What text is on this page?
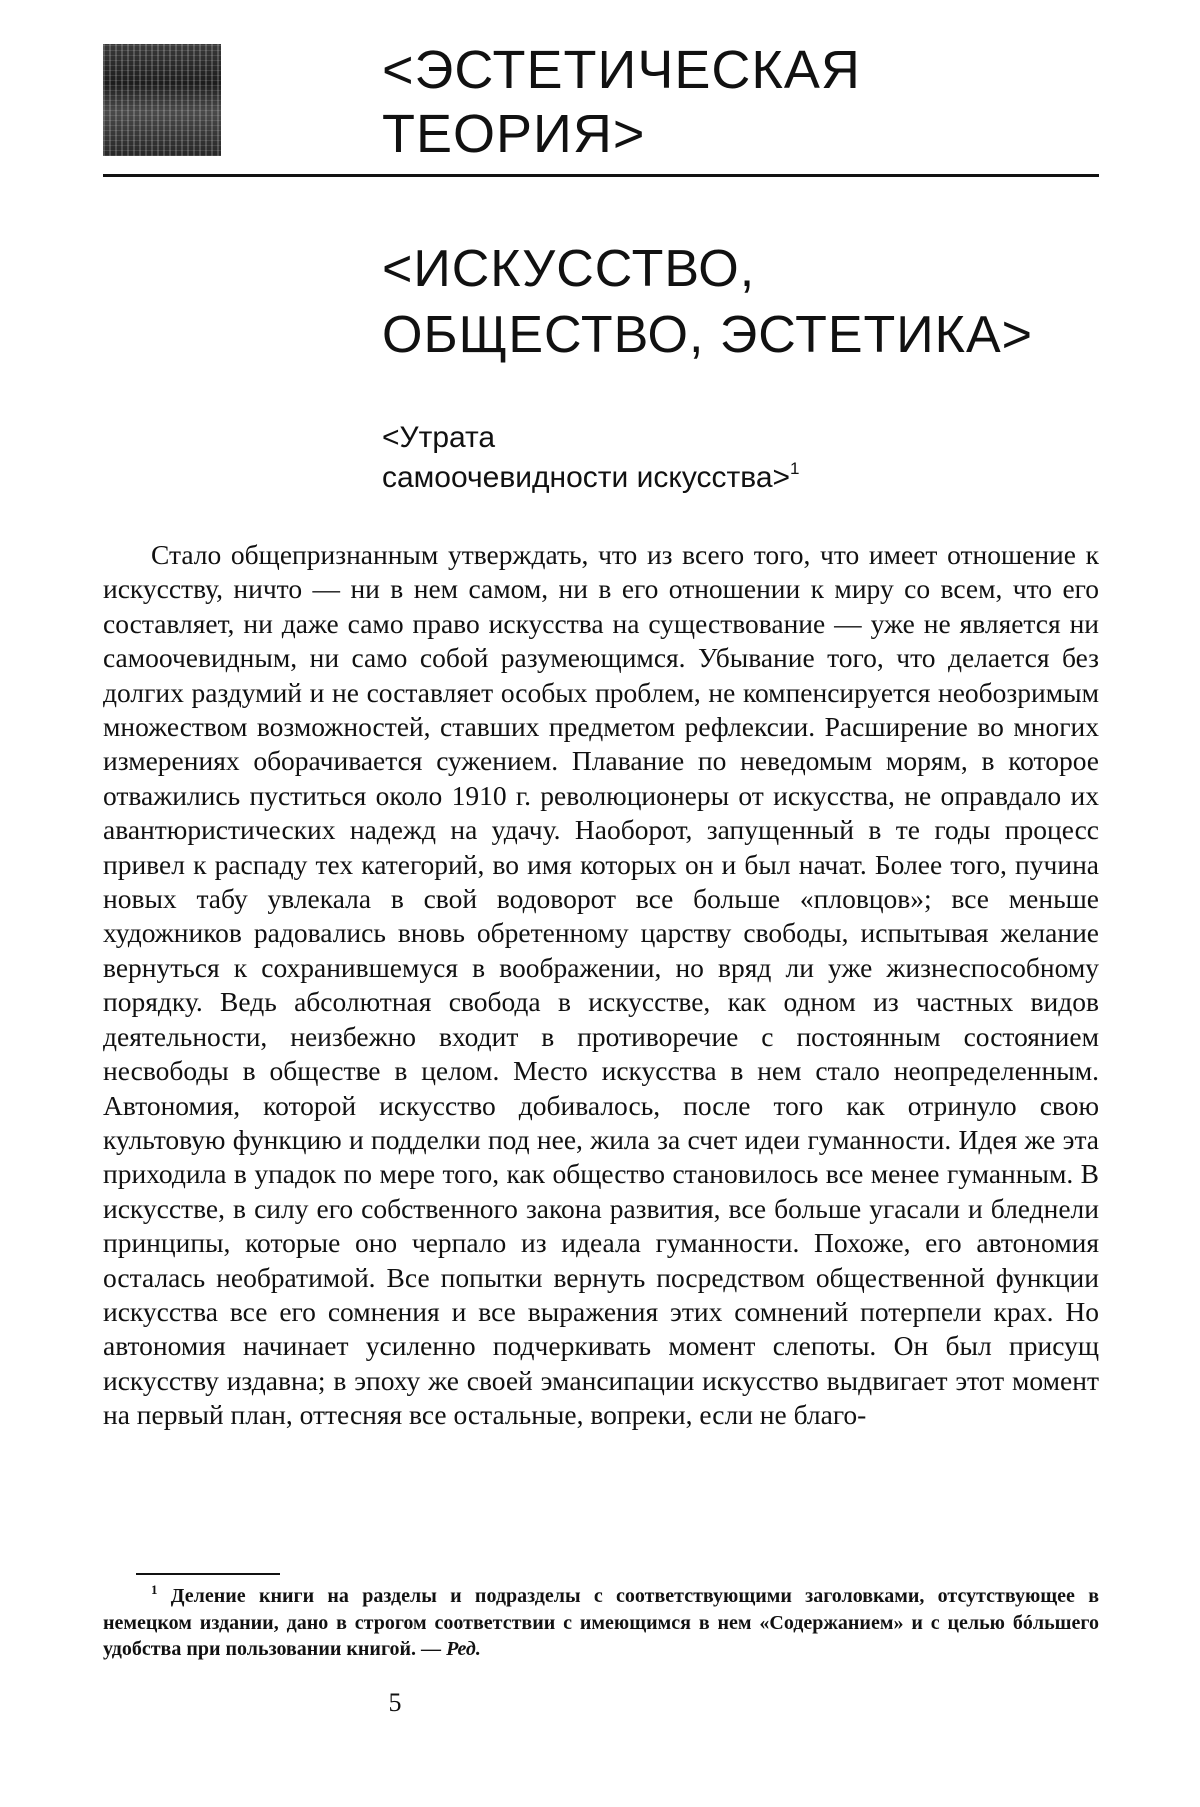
<ЭСТЕТИЧЕСКАЯ
ТЕОРИЯ>
<ИСКУССТВО,
ОБЩЕСТВО, ЭСТЕТИКА>
<Утрата
самоочевидности искусства>$^1$

Стало общепризнанным утверждать, что из всего того, что имеет отношение к искусству, ничто — ни в нем самом, ни в его отношении к миру со всем, что его составляет, ни даже само право искусства на существование — уже не является ни самоочевидным, ни само собой разумеющимся. Убывание того, что делается без долгих раздумий и не составляет особых проблем, не компенсируется необозримым множеством возможностей, ставших предметом рефлексии. Расширение во многих измерениях оборачивается сужением. Плавание по неведомым морям, в которое отважились пуститься около 1910 г. революционеры от искусства, не оправдало их авантюристических надежд на удачу. Наоборот, запущенный в те годы процесс привел к распаду тех категорий, во имя которых он и был начат. Более того, пучина новых табу увлекала в свой водоворот все больше «пловцов»; все меньше художников радовались вновь обретенному царству свободы, испытывая желание вернуться к сохранившемуся в воображении, но вряд ли уже жизнеспособному порядку. Ведь абсолютная свобода в искусстве, как одном из частных видов деятельности, неизбежно входит в противоречие с постоянным состоянием несвободы в обществе в целом. Место искусства в нем стало неопределенным. Автономия, которой искусство добивалось, после того как отринуло свою культовую функцию и подделки под нее, жила за счет идеи гуманности. Идея же эта приходила в упадок по мере того, как общество становилось все менее гуманным. В искусстве, в силу его собственного закона развития, все больше угасали и бледнели принципы, которые оно черпало из идеала гуманности. Похоже, его автономия осталась необратимой. Все попытки вернуть посредством общественной функции искусства все его сомнения и все выражения этих сомнений потерпели крах. Но автономия начинает усиленно подчеркивать момент слепоты. Он был присущ искусству издавна; в эпоху же своей эмансипации искусство выдвигает этот момент на первый план, оттесняя все остальные, вопреки, если не благо-

$^1$ Деление книги на разделы и подразделы с соответствующими заголовками, отсутствующее в немецком издании, дано в строгом соответствии с имеющимся в нем «Содержанием» и с целью бóльшего удобства при пользовании книгой. — Ред.

5
